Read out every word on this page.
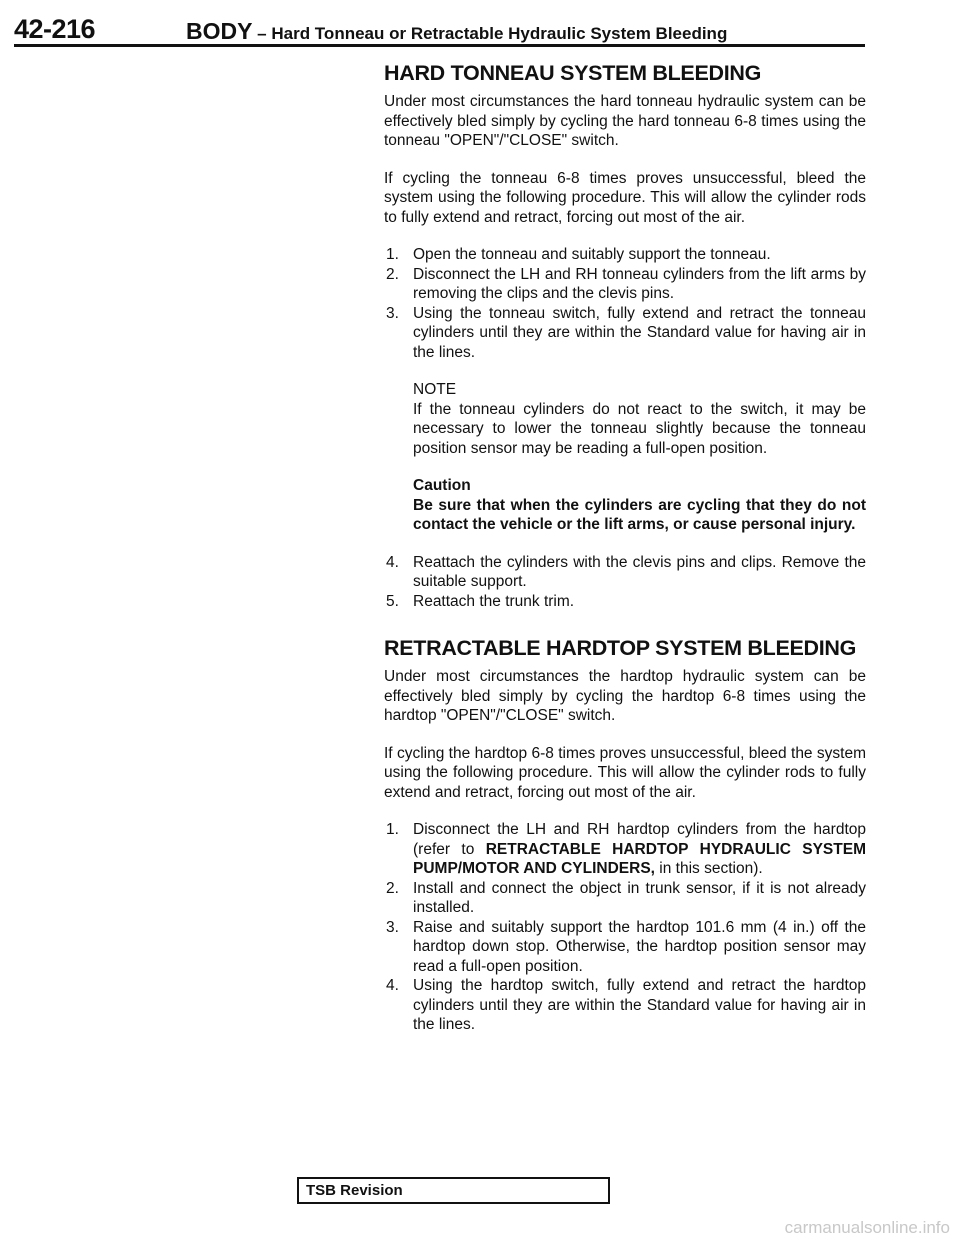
42-216	BODY – Hard Tonneau or Retractable Hydraulic System Bleeding
HARD TONNEAU SYSTEM BLEEDING

Under most circumstances the hard tonneau hydraulic system can be effectively bled simply by cycling the hard tonneau 6-8 times using the tonneau "OPEN"/"CLOSE" switch.

If cycling the tonneau 6-8 times proves unsuccessful, bleed the system using the following procedure. This will allow the cylinder rods to fully extend and retract, forcing out most of the air.

1. Open the tonneau and suitably support the tonneau.
2. Disconnect the LH and RH tonneau cylinders from the lift arms by removing the clips and the clevis pins.
3. Using the tonneau switch, fully extend and retract the tonneau cylinders until they are within the Standard value for having air in the lines.
NOTE
If the tonneau cylinders do not react to the switch, it may be necessary to lower the tonneau slightly because the tonneau position sensor may be reading a full-open position.
Caution
Be sure that when the cylinders are cycling that they do not contact the vehicle or the lift arms, or cause personal injury.
4. Reattach the cylinders with the clevis pins and clips. Remove the suitable support.
5. Reattach the trunk trim.
RETRACTABLE HARDTOP SYSTEM BLEEDING

Under most circumstances the hardtop hydraulic system can be effectively bled simply by cycling the hardtop 6-8 times using the hardtop "OPEN"/"CLOSE" switch.

If cycling the hardtop 6-8 times proves unsuccessful, bleed the system using the following procedure. This will allow the cylinder rods to fully extend and retract, forcing out most of the air.

1. Disconnect the LH and RH hardtop cylinders from the hardtop (refer to RETRACTABLE HARDTOP HYDRAULIC SYSTEM PUMP/MOTOR AND CYLINDERS, in this section).
2. Install and connect the object in trunk sensor, if it is not already installed.
3. Raise and suitably support the hardtop 101.6 mm (4 in.) off the hardtop down stop. Otherwise, the hardtop position sensor may read a full-open position.
4. Using the hardtop switch, fully extend and retract the hardtop cylinders until they are within the Standard value for having air in the lines.
TSB Revision
carmanualsonline.info
